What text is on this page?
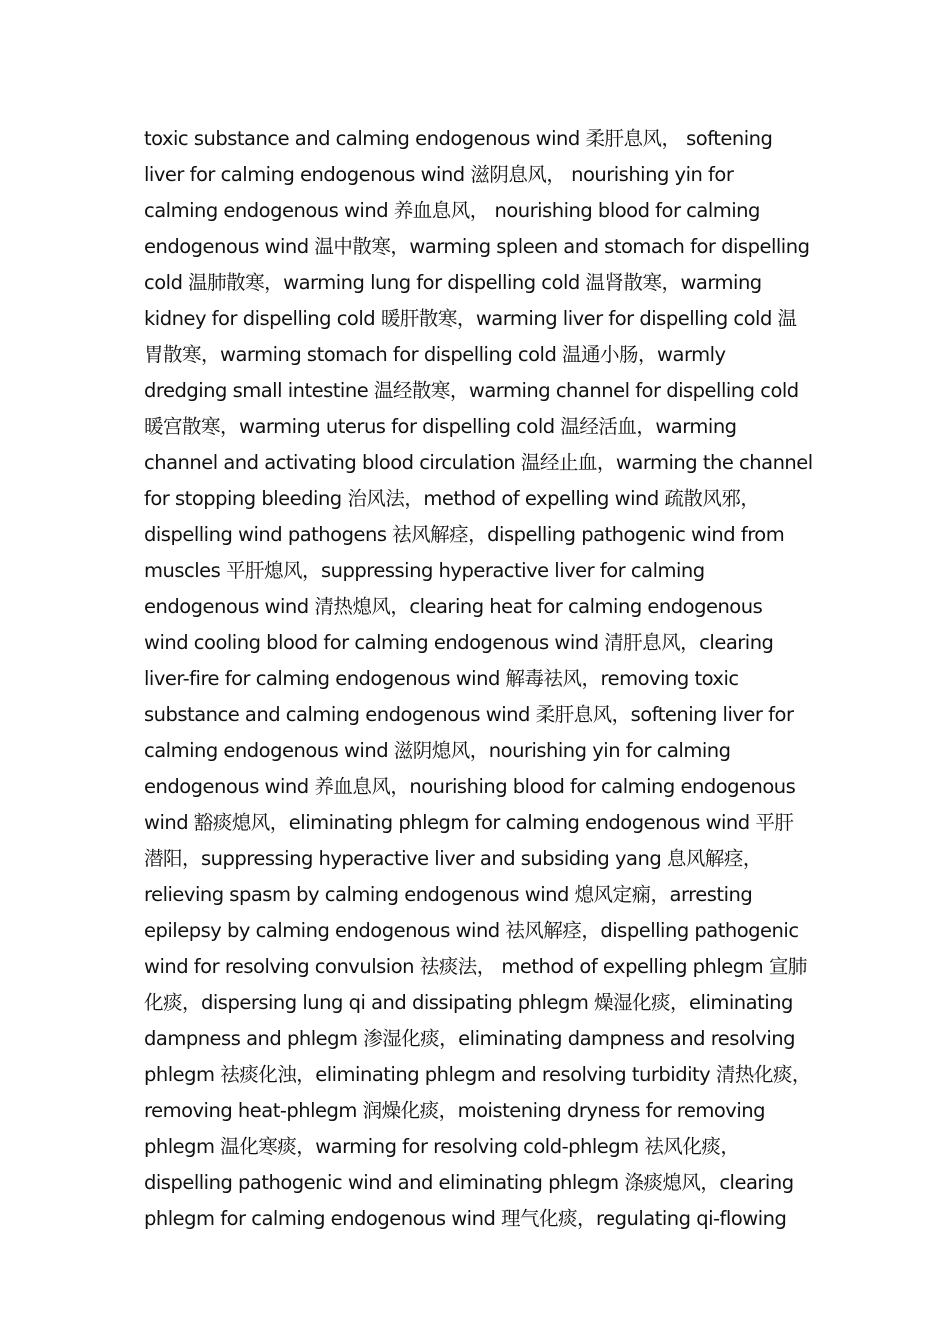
toxic substance and calming endogenous wind 柔肝息风， softening
liver for calming endogenous wind 滋阴息风， nourishing yin for
calming endogenous wind 养血息风， nourishing blood for calming
endogenous wind 温中散寒，warming spleen and stomach for dispelling
cold 温肺散寒，warming lung for dispelling cold 温肾散寒，warming
kidney for dispelling cold 暖肝散寒，warming liver for dispelling cold 温
胃散寒，warming stomach for dispelling cold 温通小肠，warmly
dredging small intestine 温经散寒，warming channel for dispelling cold
暖宫散寒，warming uterus for dispelling cold 温经活血，warming
channel and activating blood circulation 温经止血，warming the channel
for stopping bleeding 治风法，method of expelling wind 疏散风邪，
dispelling wind pathogens 祛风解痉，dispelling pathogenic wind from
muscles 平肝熄风，suppressing hyperactive liver for calming
endogenous wind 清热熄风，clearing heat for calming endogenous
wind cooling blood for calming endogenous wind 清肝息风，clearing
liver-fire for calming endogenous wind 解毒祛风，removing toxic
substance and calming endogenous wind 柔肝息风，softening liver for
calming endogenous wind 滋阴熄风，nourishing yin for calming
endogenous wind 养血息风，nourishing blood for calming endogenous
wind 豁痰熄风，eliminating phlegm for calming endogenous wind 平肝
潜阳，suppressing hyperactive liver and subsiding yang 息风解痉，
relieving spasm by calming endogenous wind 熄风定痫，arresting
epilepsy by calming endogenous wind 祛风解痉，dispelling pathogenic
wind for resolving convulsion 祛痰法， method of expelling phlegm 宣肺
化痰，dispersing lung qi and dissipating phlegm 燥湿化痰，eliminating
dampness and phlegm 渗湿化痰，eliminating dampness and resolving
phlegm 祛痰化浊，eliminating phlegm and resolving turbidity 清热化痰，
removing heat-phlegm 润燥化痰，moistening dryness for removing
phlegm 温化寒痰，warming for resolving cold-phlegm 祛风化痰，
dispelling pathogenic wind and eliminating phlegm 涤痰熄风，clearing
phlegm for calming endogenous wind 理气化痰，regulating qi-flowing
